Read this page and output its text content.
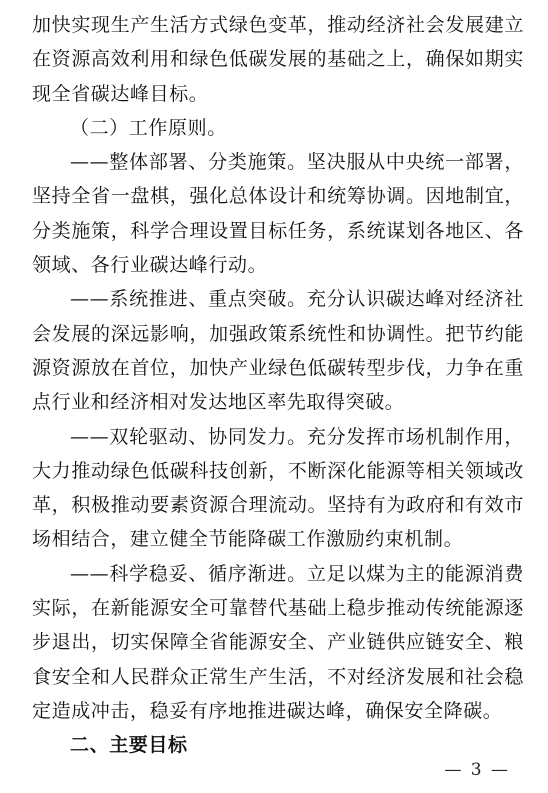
加快实现生产生活方式绿色变革，推动经济社会发展建立在资源高效利用和绿色低碳发展的基础之上，确保如期实现全省碳达峰目标。

（二）工作原则。

——整体部署、分类施策。坚决服从中央统一部署，坚持全省一盘棋，强化总体设计和统筹协调。因地制宜，分类施策，科学合理设置目标任务，系统谋划各地区、各领域、各行业碳达峰行动。

——系统推进、重点突破。充分认识碳达峰对经济社会发展的深远影响，加强政策系统性和协调性。把节约能源资源放在首位，加快产业绿色低碳转型步伐，力争在重点行业和经济相对发达地区率先取得突破。

——双轮驱动、协同发力。充分发挥市场机制作用，大力推动绿色低碳科技创新，不断深化能源等相关领域改革，积极推动要素资源合理流动。坚持有为政府和有效市场相结合，建立健全节能降碳工作激励约束机制。

——科学稳妥、循序渐进。立足以煤为主的能源消费实际，在新能源安全可靠替代基础上稳步推动传统能源逐步退出，切实保障全省能源安全、产业链供应链安全、粮食安全和人民群众正常生产生活，不对经济发展和社会稳定造成冲击，稳妥有序地推进碳达峰，确保安全降碳。

二、主要目标

— 3 —
